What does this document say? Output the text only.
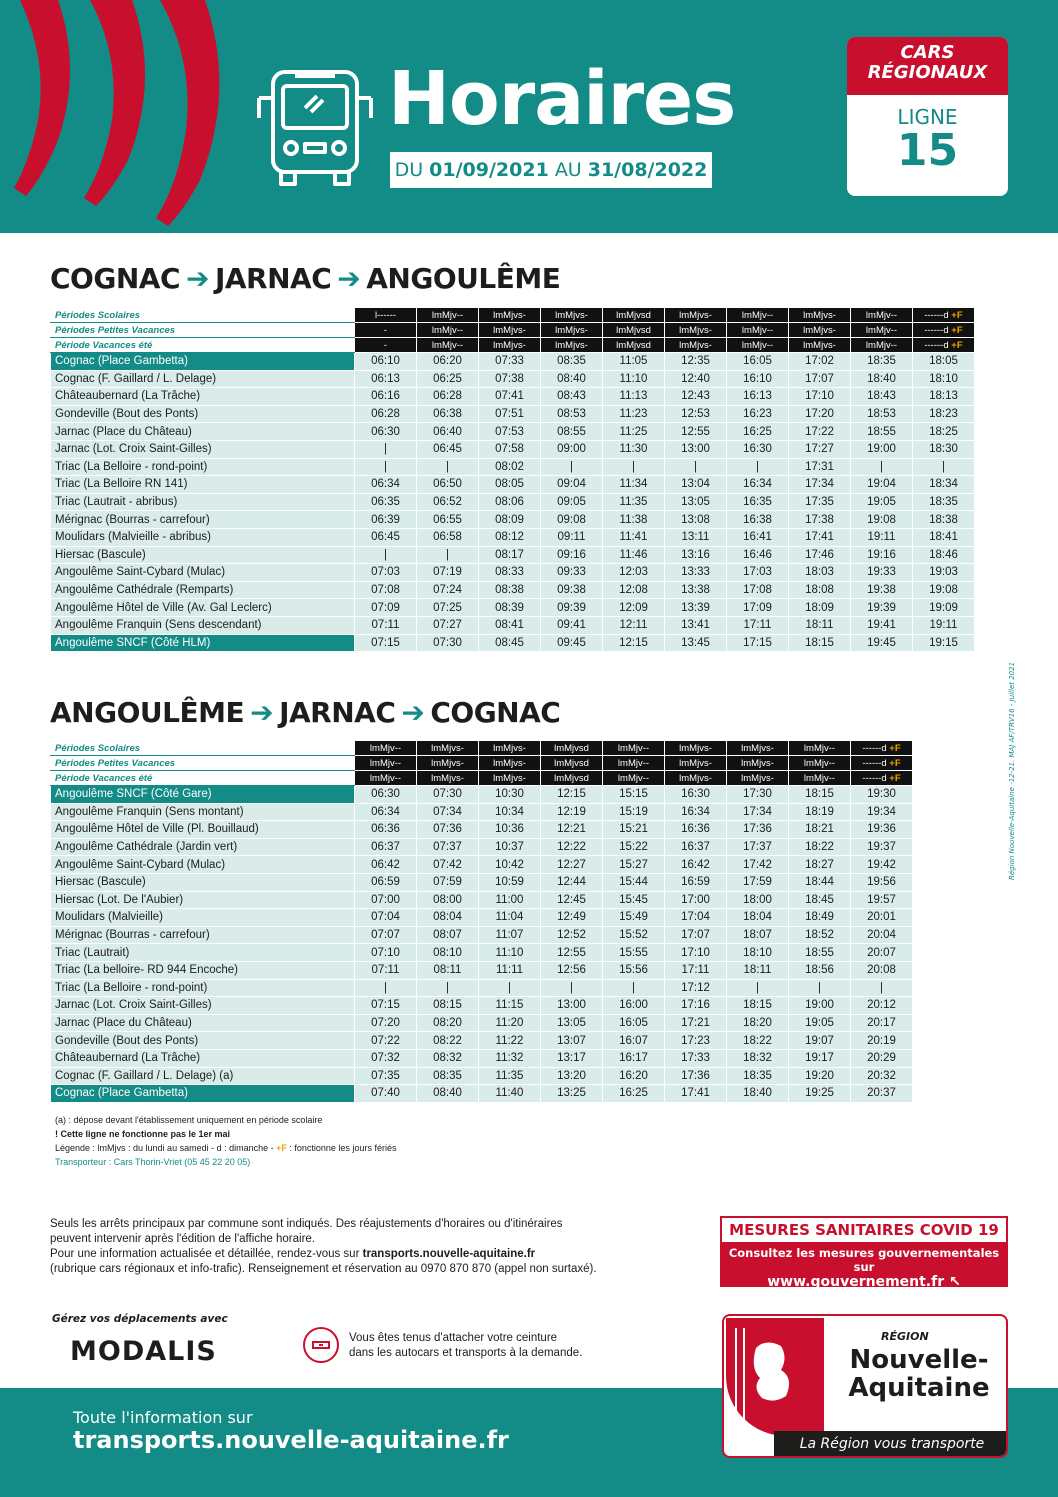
Horaires
DU 01/09/2021 AU 31/08/2022
CARS
RÉGIONAUX
LIGNE
15
COGNAC ➔ JARNAC ➔ ANGOULÊME
Périodes Scolaires	l------	lmMjv--	lmMjvs-	lmMjvs-	lmMjvsd	lmMjvs-	lmMjv--	lmMjvs-	lmMjv--	------d +F
Périodes Petites Vacances	-	lmMjv--	lmMjvs-	lmMjvs-	lmMjvsd	lmMjvs-	lmMjv--	lmMjvs-	lmMjv--	------d +F
Période Vacances été	-	lmMjv--	lmMjvs-	lmMjvs-	lmMjvsd	lmMjvs-	lmMjv--	lmMjvs-	lmMjv--	------d +F
Cognac (Place Gambetta)	06:10	06:20	07:33	08:35	11:05	12:35	16:05	17:02	18:35	18:05
Cognac (F. Gaillard / L. Delage)	06:13	06:25	07:38	08:40	11:10	12:40	16:10	17:07	18:40	18:10
Châteaubernard (La Trâche)	06:16	06:28	07:41	08:43	11:13	12:43	16:13	17:10	18:43	18:13
Gondeville (Bout des Ponts)	06:28	06:38	07:51	08:53	11:23	12:53	16:23	17:20	18:53	18:23
Jarnac (Place du Château)	06:30	06:40	07:53	08:55	11:25	12:55	16:25	17:22	18:55	18:25
Jarnac (Lot. Croix Saint-Gilles)	|	06:45	07:58	09:00	11:30	13:00	16:30	17:27	19:00	18:30
Triac (La Belloire - rond-point)	|	|	08:02	|	|	|	|	17:31	|	|
Triac (La Belloire RN 141)	06:34	06:50	08:05	09:04	11:34	13:04	16:34	17:34	19:04	18:34
Triac (Lautrait - abribus)	06:35	06:52	08:06	09:05	11:35	13:05	16:35	17:35	19:05	18:35
Mérignac (Bourras - carrefour)	06:39	06:55	08:09	09:08	11:38	13:08	16:38	17:38	19:08	18:38
Moulidars (Malvieille - abribus)	06:45	06:58	08:12	09:11	11:41	13:11	16:41	17:41	19:11	18:41
Hiersac (Bascule)	|	|	08:17	09:16	11:46	13:16	16:46	17:46	19:16	18:46
Angoulême Saint-Cybard (Mulac)	07:03	07:19	08:33	09:33	12:03	13:33	17:03	18:03	19:33	19:03
Angoulême Cathédrale (Remparts)	07:08	07:24	08:38	09:38	12:08	13:38	17:08	18:08	19:38	19:08
Angoulême Hôtel de Ville (Av. Gal Leclerc)	07:09	07:25	08:39	09:39	12:09	13:39	17:09	18:09	19:39	19:09
Angoulême Franquin (Sens descendant)	07:11	07:27	08:41	09:41	12:11	13:41	17:11	18:11	19:41	19:11
Angoulême SNCF (Côté HLM)	07:15	07:30	08:45	09:45	12:15	13:45	17:15	18:15	19:45	19:15
ANGOULÊME ➔ JARNAC ➔ COGNAC
Périodes Scolaires	lmMjv--	lmMjvs-	lmMjvs-	lmMjvsd	lmMjv--	lmMjvs-	lmMjvs-	lmMjv--	------d +F
Périodes Petites Vacances	lmMjv--	lmMjvs-	lmMjvs-	lmMjvsd	lmMjv--	lmMjvs-	lmMjvs-	lmMjv--	------d +F
Période Vacances été	lmMjv--	lmMjvs-	lmMjvs-	lmMjvsd	lmMjv--	lmMjvs-	lmMjvs-	lmMjv--	------d +F
Angoulême SNCF (Côté Gare)	06:30	07:30	10:30	12:15	15:15	16:30	17:30	18:15	19:30
Angoulême Franquin (Sens montant)	06:34	07:34	10:34	12:19	15:19	16:34	17:34	18:19	19:34
Angoulême Hôtel de Ville (Pl. Bouillaud)	06:36	07:36	10:36	12:21	15:21	16:36	17:36	18:21	19:36
Angoulême Cathédrale (Jardin vert)	06:37	07:37	10:37	12:22	15:22	16:37	17:37	18:22	19:37
Angoulême Saint-Cybard (Mulac)	06:42	07:42	10:42	12:27	15:27	16:42	17:42	18:27	19:42
Hiersac (Bascule)	06:59	07:59	10:59	12:44	15:44	16:59	17:59	18:44	19:56
Hiersac (Lot. De l'Aubier)	07:00	08:00	11:00	12:45	15:45	17:00	18:00	18:45	19:57
Moulidars (Malvieille)	07:04	08:04	11:04	12:49	15:49	17:04	18:04	18:49	20:01
Mérignac (Bourras - carrefour)	07:07	08:07	11:07	12:52	15:52	17:07	18:07	18:52	20:04
Triac (Lautrait)	07:10	08:10	11:10	12:55	15:55	17:10	18:10	18:55	20:07
Triac (La belloire- RD 944 Encoche)	07:11	08:11	11:11	12:56	15:56	17:11	18:11	18:56	20:08
Triac (La Belloire - rond-point)	|	|	|	|	|	17:12	|	|	|
Jarnac (Lot. Croix Saint-Gilles)	07:15	08:15	11:15	13:00	16:00	17:16	18:15	19:00	20:12
Jarnac (Place du Château)	07:20	08:20	11:20	13:05	16:05	17:21	18:20	19:05	20:17
Gondeville (Bout des Ponts)	07:22	08:22	11:22	13:07	16:07	17:23	18:22	19:07	20:19
Châteaubernard (La Trâche)	07:32	08:32	11:32	13:17	16:17	17:33	18:32	19:17	20:29
Cognac (F. Gaillard / L. Delage) (a)	07:35	08:35	11:35	13:20	16:20	17:36	18:35	19:20	20:32
Cognac (Place Gambetta)	07:40	08:40	11:40	13:25	16:25	17:41	18:40	19:25	20:37
Région Nouvelle-Aquitaine -12-21. MAJ AF/TRV16 - Juillet 2021
(a) : dépose devant l'établissement uniquement en période scolaire
! Cette ligne ne fonctionne pas le 1er mai
Légende : lmMjvs : du lundi au samedi - d : dimanche - +F : fonctionne les jours fériés
Transporteur : Cars Thorin-Vriet (05 45 22 20 05)
Seuls les arrêts principaux par commune sont indiqués. Des réajustements d'horaires ou d'itinéraires
peuvent intervenir après l'édition de l'affiche horaire.
Pour une information actualisée et détaillée, rendez-vous sur transports.nouvelle-aquitaine.fr
(rubrique cars régionaux et info-trafic). Renseignement et réservation au 0970 870 870 (appel non surtaxé).
MESURES SANITAIRES COVID 19
Consultez les mesures gouvernementales sur
www.gouvernement.fr ↖
Gérez vos déplacements avec
MODALIS	Vous êtes tenus d'attacher votre ceinture
dans les autocars et transports à la demande.
Toute l'information sur
transports.nouvelle-aquitaine.fr
RÉGION
Nouvelle-
Aquitaine
La Région vous transporte
